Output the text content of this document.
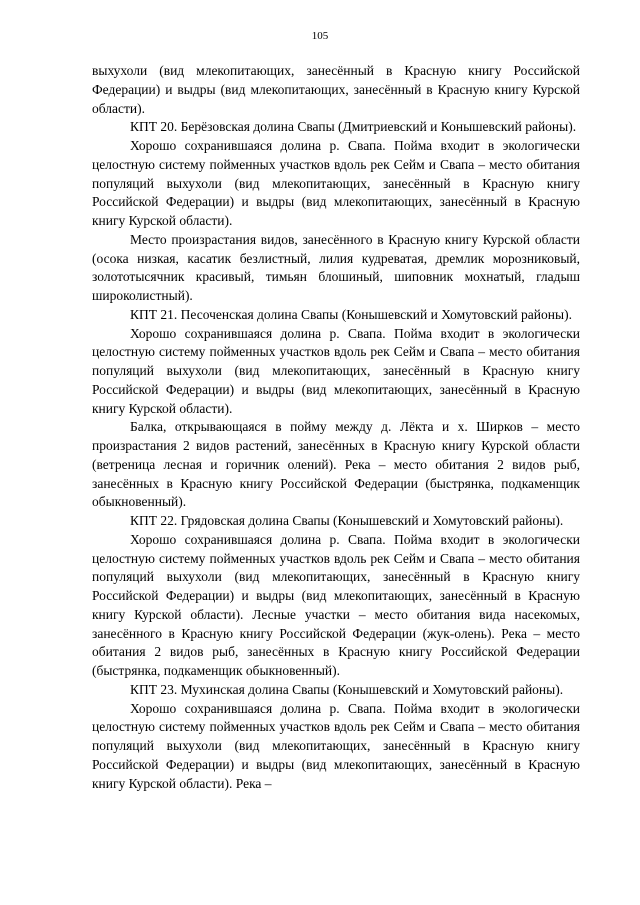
105

выхухоли (вид млекопитающих, занесённый в Красную книгу Российской Федерации) и выдры (вид млекопитающих, занесённый в Красную книгу Курской области).

КПТ 20. Берёзовская долина Свапы (Дмитриевский и Конышевский районы).

Хорошо сохранившаяся долина р. Свапа. Пойма входит в экологически целостную систему пойменных участков вдоль рек Сейм и Свапа – место обитания популяций выхухоли (вид млекопитающих, занесённый в Красную книгу Российской Федерации) и выдры (вид млекопитающих, занесённый в Красную книгу Курской области).

Место произрастания видов, занесённого в Красную книгу Курской области (осока низкая, касатик безлистный, лилия кудреватая, дремлик морозниковый, золототысячник красивый, тимьян блошиный, шиповник мохнатый, гладыш широколистный).

КПТ 21. Песоченская долина Свапы (Конышевский и Хомутовский районы).

Хорошо сохранившаяся долина р. Свапа. Пойма входит в экологически целостную систему пойменных участков вдоль рек Сейм и Свапа – место обитания популяций выхухоли (вид млекопитающих, занесённый в Красную книгу Российской Федерации) и выдры (вид млекопитающих, занесённый в Красную книгу Курской области).

Балка, открывающаяся в пойму между д. Лёкта и х. Ширков – место произрастания 2 видов растений, занесённых в Красную книгу Курской области (ветреница лесная и горичник олений). Река – место обитания 2 видов рыб, занесённых в Красную книгу Российской Федерации (быстрянка, подкаменщик обыкновенный).

КПТ 22. Грядовская долина Свапы (Конышевский и Хомутовский районы).

Хорошо сохранившаяся долина р. Свапа. Пойма входит в экологически целостную систему пойменных участков вдоль рек Сейм и Свапа – место обитания популяций выхухоли (вид млекопитающих, занесённый в Красную книгу Российской Федерации) и выдры (вид млекопитающих, занесённый в Красную книгу Курской области). Лесные участки – место обитания вида насекомых, занесённого в Красную книгу Российской Федерации (жук-олень). Река – место обитания 2 видов рыб, занесённых в Красную книгу Российской Федерации (быстрянка, подкаменщик обыкновенный).

КПТ 23. Мухинская долина Свапы (Конышевский и Хомутовский районы).

Хорошо сохранившаяся долина р. Свапа. Пойма входит в экологически целостную систему пойменных участков вдоль рек Сейм и Свапа – место обитания популяций выхухоли (вид млекопитающих, занесённый в Красную книгу Российской Федерации) и выдры (вид млекопитающих, занесённый в Красную книгу Курской области). Река –
